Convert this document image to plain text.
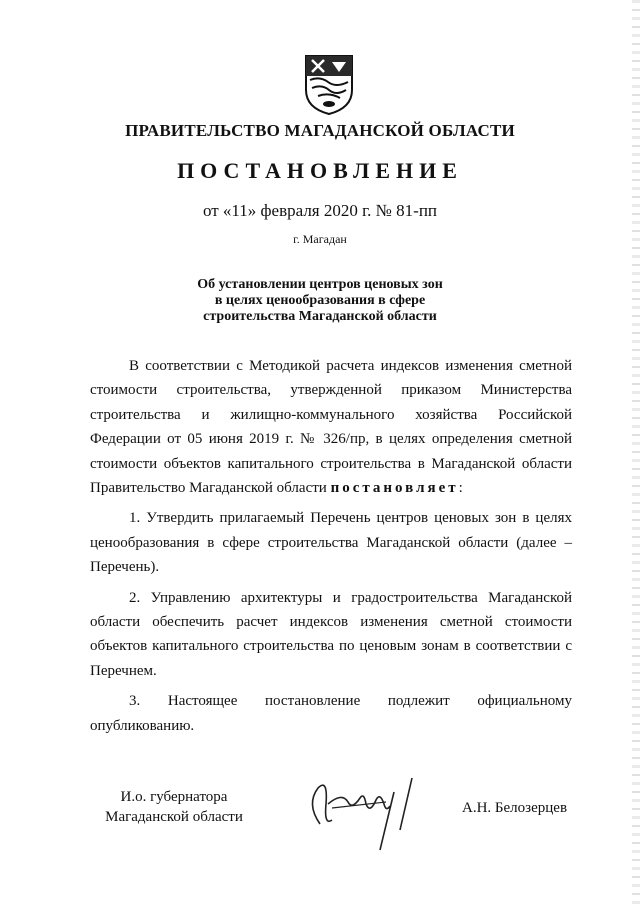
ПРАВИТЕЛЬСТВО МАГАДАНСКОЙ ОБЛАСТИ
ПОСТАНОВЛЕНИЕ
от «11» февраля 2020 г. № 81-пп
г. Магадан
Об установлении центров ценовых зон
в целях ценообразования в сфере
строительства Магаданской области

В соответствии с Методикой расчета индексов изменения сметной стоимости строительства, утвержденной приказом Министерства строительства и жилищно-коммунального хозяйства Российской Федерации от 05 июня 2019 г. № 326/пр, в целях определения сметной стоимости объектов капитального строительства в Магаданской области Правительство Магаданской области постановляет:

1. Утвердить прилагаемый Перечень центров ценовых зон в целях ценообразования в сфере строительства Магаданской области (далее – Перечень).

2. Управлению архитектуры и градостроительства Магаданской области обеспечить расчет индексов изменения сметной стоимости объектов капитального строительства по ценовым зонам в соответствии с Перечнем.

3. Настоящее постановление подлежит официальному опубликованию.

И.о. губернатора
Магаданской области
А.Н. Белозерцев
